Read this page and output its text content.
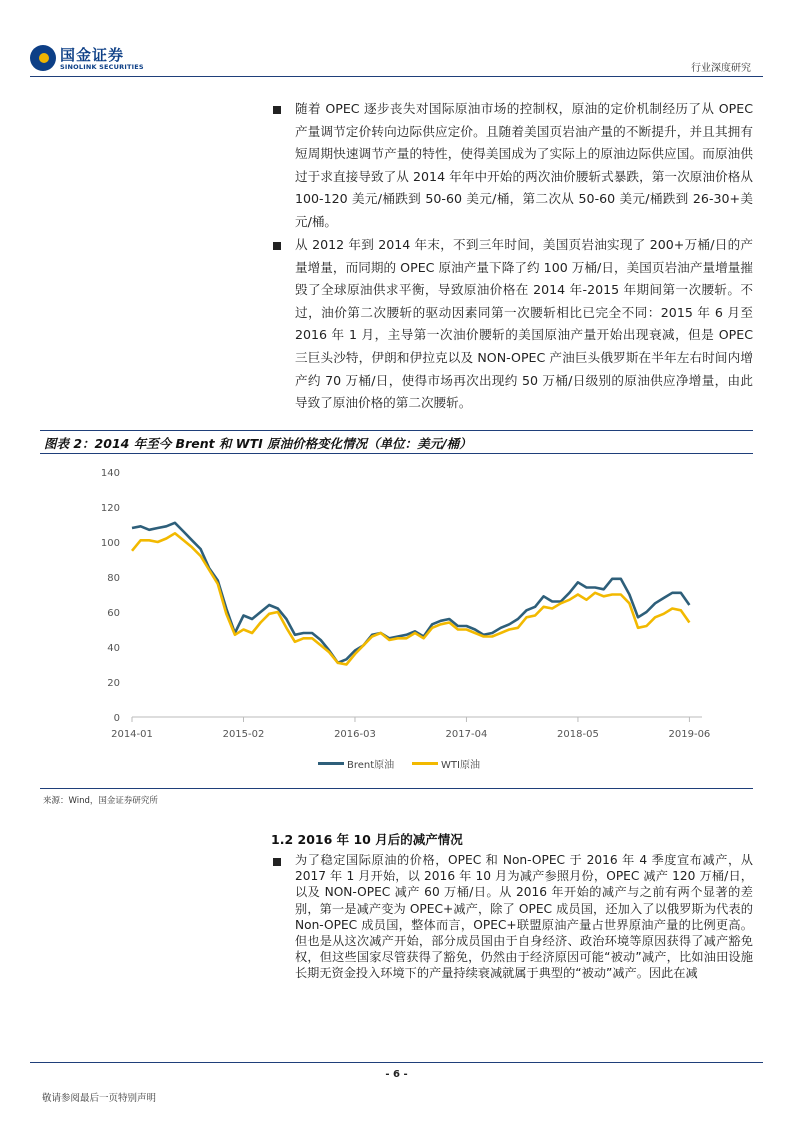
国金证券
SINOLINK SECURITIES	行业深度研究

随着 OPEC 逐步丧失对国际原油市场的控制权，原油的定价机制经历了从 OPEC 产量调节定价转向边际供应定价。且随着美国页岩油产量的不断提升，并且其拥有短周期快速调节产量的特性，使得美国成为了实际上的原油边际供应国。而原油供过于求直接导致了从 2014 年年中开始的两次油价腰斩式暴跌，第一次原油价格从 100-120 美元/桶跌到 50-60 美元/桶，第二次从 50-60 美元/桶跌到 26-30+美元/桶。

从 2012 年到 2014 年末，不到三年时间，美国页岩油实现了 200+万桶/日的产量增量，而同期的 OPEC 原油产量下降了约 100 万桶/日，美国页岩油产量增量摧毁了全球原油供求平衡，导致原油价格在 2014 年-2015 年期间第一次腰斩。不过，油价第二次腰斩的驱动因素同第一次腰斩相比已完全不同：2015 年 6 月至 2016 年 1 月，主导第一次油价腰斩的美国原油产量开始出现衰减，但是 OPEC 三巨头沙特，伊朗和伊拉克以及 NON-OPEC 产油巨头俄罗斯在半年左右时间内增产约 70 万桶/日，使得市场再次出现约 50 万桶/日级别的原油供应净增量，由此导致了原油价格的第二次腰斩。

图表 2：2014 年至今 Brent 和 WTI 原油价格变化情况（单位：美元/桶）
0
20
40
60
80
100
120
140
2014-01	2015-02	2016-03	2017-04	2018-05	2019-06
Brent原油	WTI原油
来源：Wind，国金证券研究所
1.2 2016 年 10 月后的减产情况

为了稳定国际原油的价格，OPEC 和 Non-OPEC 于 2016 年 4 季度宣布减产，从 2017 年 1 月开始，以 2016 年 10 月为减产参照月份，OPEC 减产 120 万桶/日，以及 NON-OPEC 减产 60 万桶/日。从 2016 年开始的减产与之前有两个显著的差别，第一是减产变为 OPEC+减产，除了 OPEC 成员国，还加入了以俄罗斯为代表的 Non-OPEC 成员国，整体而言，OPEC+联盟原油产量占世界原油产量的比例更高。但也是从这次减产开始，部分成员国由于自身经济、政治环境等原因获得了减产豁免权，但这些国家尽管获得了豁免，仍然由于经济原因可能“被动”减产，比如油田设施长期无资金投入环境下的产量持续衰减就属于典型的“被动”减产。因此在减

- 6 -
敬请参阅最后一页特别声明
